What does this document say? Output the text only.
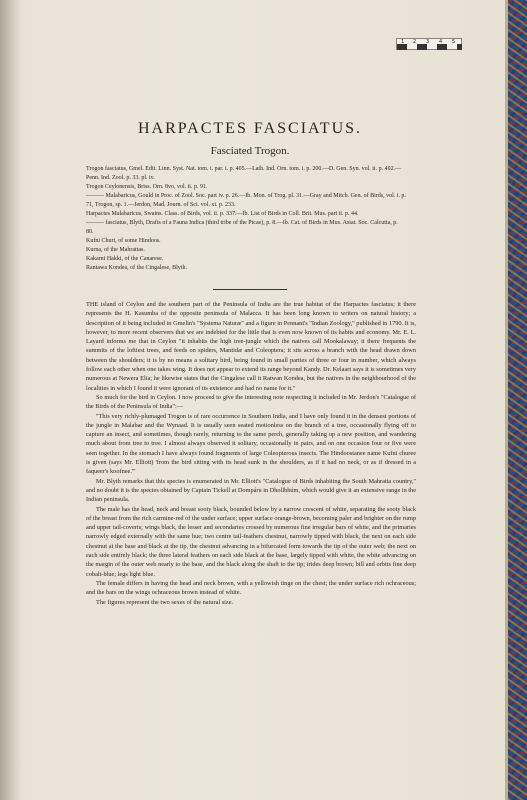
1 2 3 4 5
HARPACTES FASCIATUS.
Fasciated Trogon.

Trogon fasciatus, Gmel. Edit. Linn. Syst. Nat. tom. i. par. i. p. 405.—Lath. Ind. Orn. tom. i. p. 200.—D. Gen. Syn. vol. ii. p. 492.—Penn. Ind. Zool. p. 33. pl. iv.

Trogon Ceylonensis, Briss. Orn. 8vo, vol. ii. p. 91.

——— Malabaricus, Gould in Proc. of Zool. Soc. part iv. p. 26.—Ib. Mon. of Trog. pl. 31.—Gray and Mitch. Gen. of Birds, vol. i. p. 71, Trogon, sp. 1.—Jerdon, Mad. Journ. of Sci. vol. xi. p. 233.

Harpactes Malabaricus, Swains. Class. of Birds, vol. ii. p. 337.—Ib. List of Birds in Coll. Brit. Mus. part ii. p. 44.

——— fasciatus, Blyth, Drafts of a Fauna Indica (third tribe of the Picae), p. 8.—Ib. Cat. of Birds in Mus. Asiat. Soc. Calcutta, p. 80.

Kufni Churi, of some Hindoos.

Kurna, of the Mahrattas.

Kakarni Hakki, of the Canarese.

Rantawa Kondea, of the Cingalese, Blyth.

THE island of Ceylon and the southern part of the Peninsula of India are the true habitat of the Harpactes fasciatus; it there represents the H. Kasumba of the opposite peninsula of Malacca. It has been long known to writers on natural history; a description of it being included in Gmelin's "Systema Naturæ" and a figure in Pennant's "Indian Zoology," published in 1790. It is, however, to more recent observers that we are indebted for the little that is even now known of its habits and economy. Mr. E. L. Layard informs me that in Ceylon "it inhabits the high tree-jungle which the natives call Mookalaway; it there frequents the summits of the loftiest trees, and feeds on spiders, Mantidæ and Coleoptera; it sits across a branch with the head drawn down between the shoulders; it is by no means a solitary bird, being found in small parties of three or four in number, which always follow each other when one takes wing. It does not appear to extend its range beyond Kandy. Dr. Kelaart says it is sometimes very numerous at Newera Elia; he likewise states that the Cingalese call it Ratwan Kondea, but the natives in the neighbourhood of the localities in which I found it were ignorant of its existence and had no name for it."

So much for the bird in Ceylon. I now proceed to give the interesting note respecting it included in Mr. Jerdon's "Catalogue of the Birds of the Peninsula of India":—

"This very richly-plumaged Trogon is of rare occurrence in Southern India, and I have only found it in the densest portions of the jungle in Malabar and the Wynaad. It is usually seen seated motionless on the branch of a tree, occasionally flying off to capture an insect, and sometimes, though rarely, returning to the same perch, generally taking up a new position, and wandering much about from tree to tree. I almost always observed it solitary, occasionally in pairs, and on one occasion four or five were seen together. In the stomach I have always found fragments of large Coleopterous insects. The Hindoostanee name Kufni churee is given (says Mr. Elliott) 'from the bird sitting with its head sunk in the shoulders, as if it had no neck, or as if dressed in a faqueer's koofnee.'"

Mr. Blyth remarks that this species is enumerated in Mr. Elliott's "Catalogue of Birds inhabiting the South Mahratta country," and no doubt it is the species obtained by Captain Tickell at Dompáru in Dhollbhúm, which would give it an extensive range in the Indian peninsula.

The male has the head, neck and breast sooty black, bounded below by a narrow crescent of white, separating the sooty black of the breast from the rich carmine-red of the under surface; upper surface orange-brown, becoming paler and brighter on the rump and upper tail-coverts; wings black, the lesser and secondaries crossed by numerous fine irregular bars of white, and the primaries narrowly edged externally with the same hue; two centre tail-feathers chestnut, narrowly tipped with black, the next on each side chestnut at the base and black at the tip, the chestnut advancing in a bifurcated form towards the tip of the outer web; the next on each side entirely black; the three lateral feathers on each side black at the base, largely tipped with white, the white advancing on the margin of the outer web nearly to the base, and the black along the shaft to the tip; irides deep brown; bill and orbits fine deep cobalt-blue; legs light blue.

The female differs in having the head and neck brown, with a yellowish tinge on the chest; the under surface rich ochraceous; and the bars on the wings ochraceous brown instead of white.

The figures represent the two sexes of the natural size.
